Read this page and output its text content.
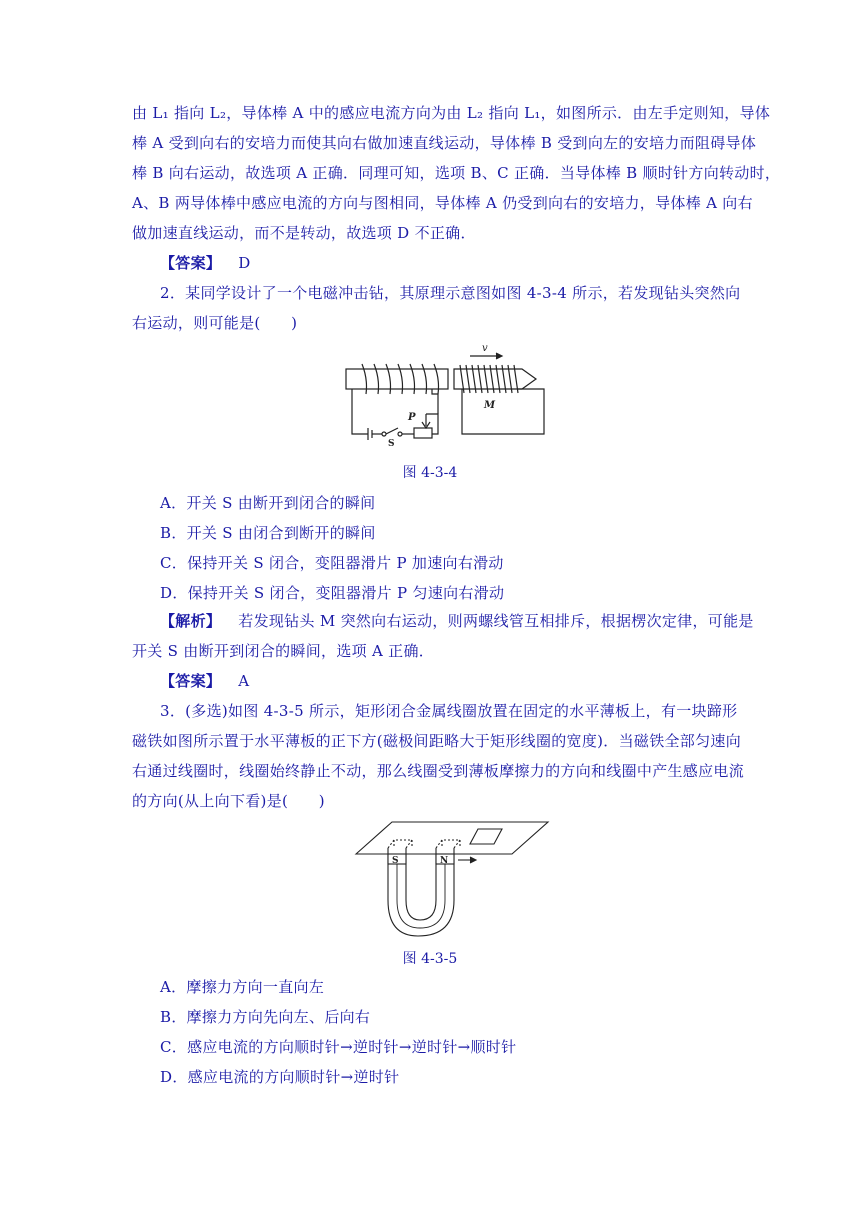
由 L₁ 指向 L₂，导体棒 A 中的感应电流方向为由 L₂ 指向 L₁，如图所示．由左手定则知，导体
棒 A 受到向右的安培力而使其向右做加速直线运动，导体棒 B 受到向左的安培力而阻碍导体
棒 B 向右运动，故选项 A 正确．同理可知，选项 B、C 正确．当导体棒 B 顺时针方向转动时，
A、B 两导体棒中感应电流的方向与图相同，导体棒 A 仍受到向右的安培力，导体棒 A 向右
做加速直线运动，而不是转动，故选项 D 不正确．
【答案】 D
2．某同学设计了一个电磁冲击钻，其原理示意图如图 4-3-4 所示，若发现钻头突然向
右运动，则可能是(　　)
v
M
P
S
图 4-3-4
A．开关 S 由断开到闭合的瞬间
B．开关 S 由闭合到断开的瞬间
C．保持开关 S 闭合，变阻器滑片 P 加速向右滑动
D．保持开关 S 闭合，变阻器滑片 P 匀速向右滑动
【解析】 若发现钻头 M 突然向右运动，则两螺线管互相排斥，根据楞次定律，可能是
开关 S 由断开到闭合的瞬间，选项 A 正确．
【答案】 A
3．(多选)如图 4-3-5 所示，矩形闭合金属线圈放置在固定的水平薄板上，有一块蹄形
磁铁如图所示置于水平薄板的正下方(磁极间距略大于矩形线圈的宽度)．当磁铁全部匀速向
右通过线圈时，线圈始终静止不动，那么线圈受到薄板摩擦力的方向和线圈中产生感应电流
的方向(从上向下看)是(　　)
S	N
图 4-3-5
A．摩擦力方向一直向左
B．摩擦力方向先向左、后向右
C．感应电流的方向顺时针→逆时针→逆时针→顺时针
D．感应电流的方向顺时针→逆时针
